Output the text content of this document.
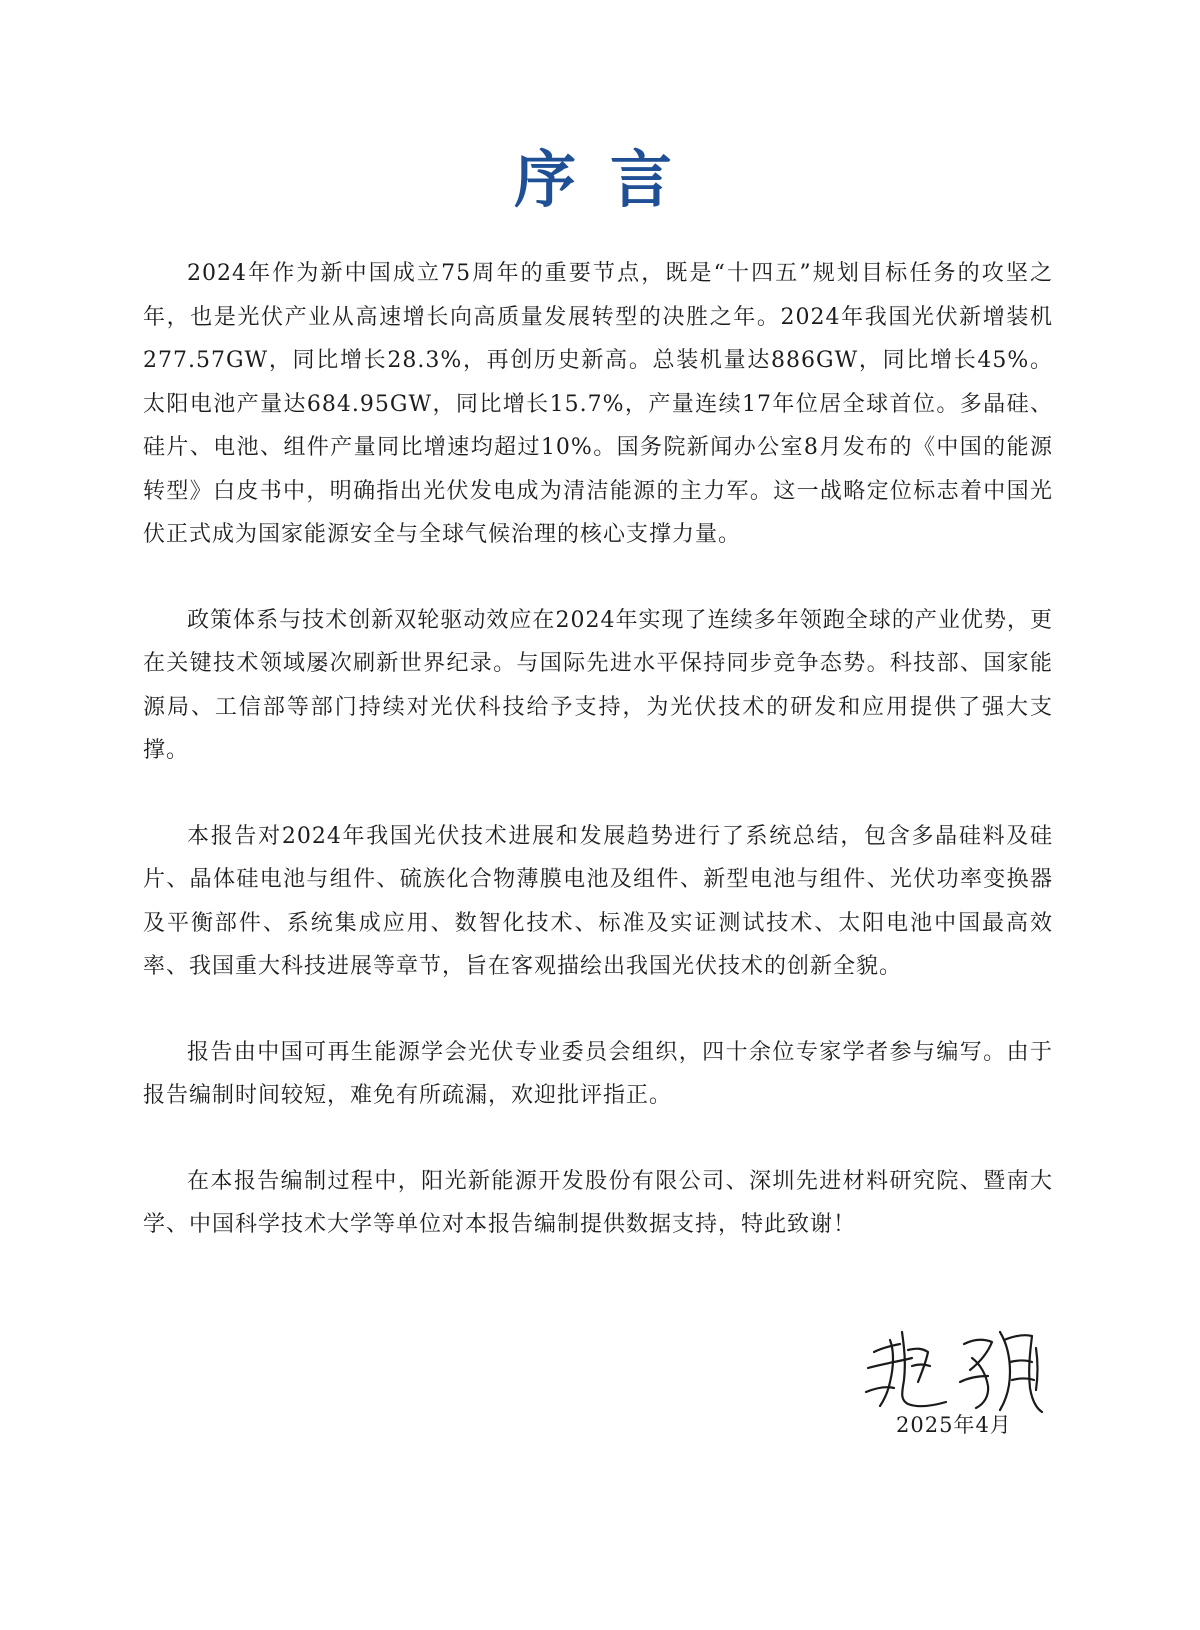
序言

2024年作为新中国成立75周年的重要节点，既是“十四五”规划目标任务的攻坚之年，也是光伏产业从高速增长向高质量发展转型的决胜之年。2024年我国光伏新增装机277.57GW，同比增长28.3%，再创历史新高。总装机量达886GW，同比增长45%。太阳电池产量达684.95GW，同比增长15.7%，产量连续17年位居全球首位。多晶硅、硅片、电池、组件产量同比增速均超过10%。国务院新闻办公室8月发布的《中国的能源转型》白皮书中，明确指出光伏发电成为清洁能源的主力军。这一战略定位标志着中国光伏正式成为国家能源安全与全球气候治理的核心支撑力量。

政策体系与技术创新双轮驱动效应在2024年实现了连续多年领跑全球的产业优势，更在关键技术领域屡次刷新世界纪录。与国际先进水平保持同步竞争态势。科技部、国家能源局、工信部等部门持续对光伏科技给予支持，为光伏技术的研发和应用提供了强大支撑。

本报告对2024年我国光伏技术进展和发展趋势进行了系统总结，包含多晶硅料及硅片、晶体硅电池与组件、硫族化合物薄膜电池及组件、新型电池与组件、光伏功率变换器及平衡部件、系统集成应用、数智化技术、标准及实证测试技术、太阳电池中国最高效率、我国重大科技进展等章节，旨在客观描绘出我国光伏技术的创新全貌。

报告由中国可再生能源学会光伏专业委员会组织，四十余位专家学者参与编写。由于报告编制时间较短，难免有所疏漏，欢迎批评指正。

在本报告编制过程中，阳光新能源开发股份有限公司、深圳先进材料研究院、暨南大学、中国科学技术大学等单位对本报告编制提供数据支持，特此致谢！

2025年4月
